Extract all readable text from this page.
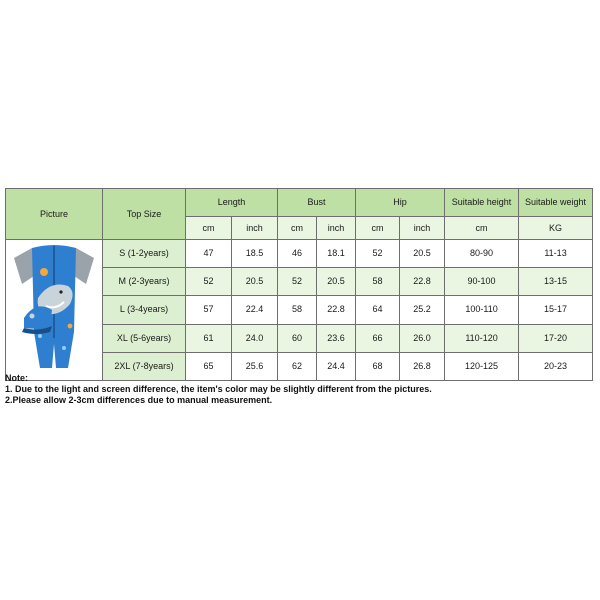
Picture	Top Size	Length		Bust		Hip		Suitable height	Suitable weight
		cm	inch	cm	inch	cm	inch	cm	KG

	S (1-2years)	47	18.5	46	18.1	52	20.5	80-90	11-13
	M (2-3years)	52	20.5	52	20.5	58	22.8	90-100	13-15
	L (3-4years)	57	22.4	58	22.8	64	25.2	100-110	15-17
	XL (5-6years)	61	24.0	60	23.6	66	26.0	110-120	17-20
	2XL (7-8years)	65	25.6	62	24.4	68	26.8	120-125	20-23
Note:
1. Due to the light and screen difference, the item's color may be slightly different from the pictures.
2.Please allow 2-3cm differences due to manual measurement.
